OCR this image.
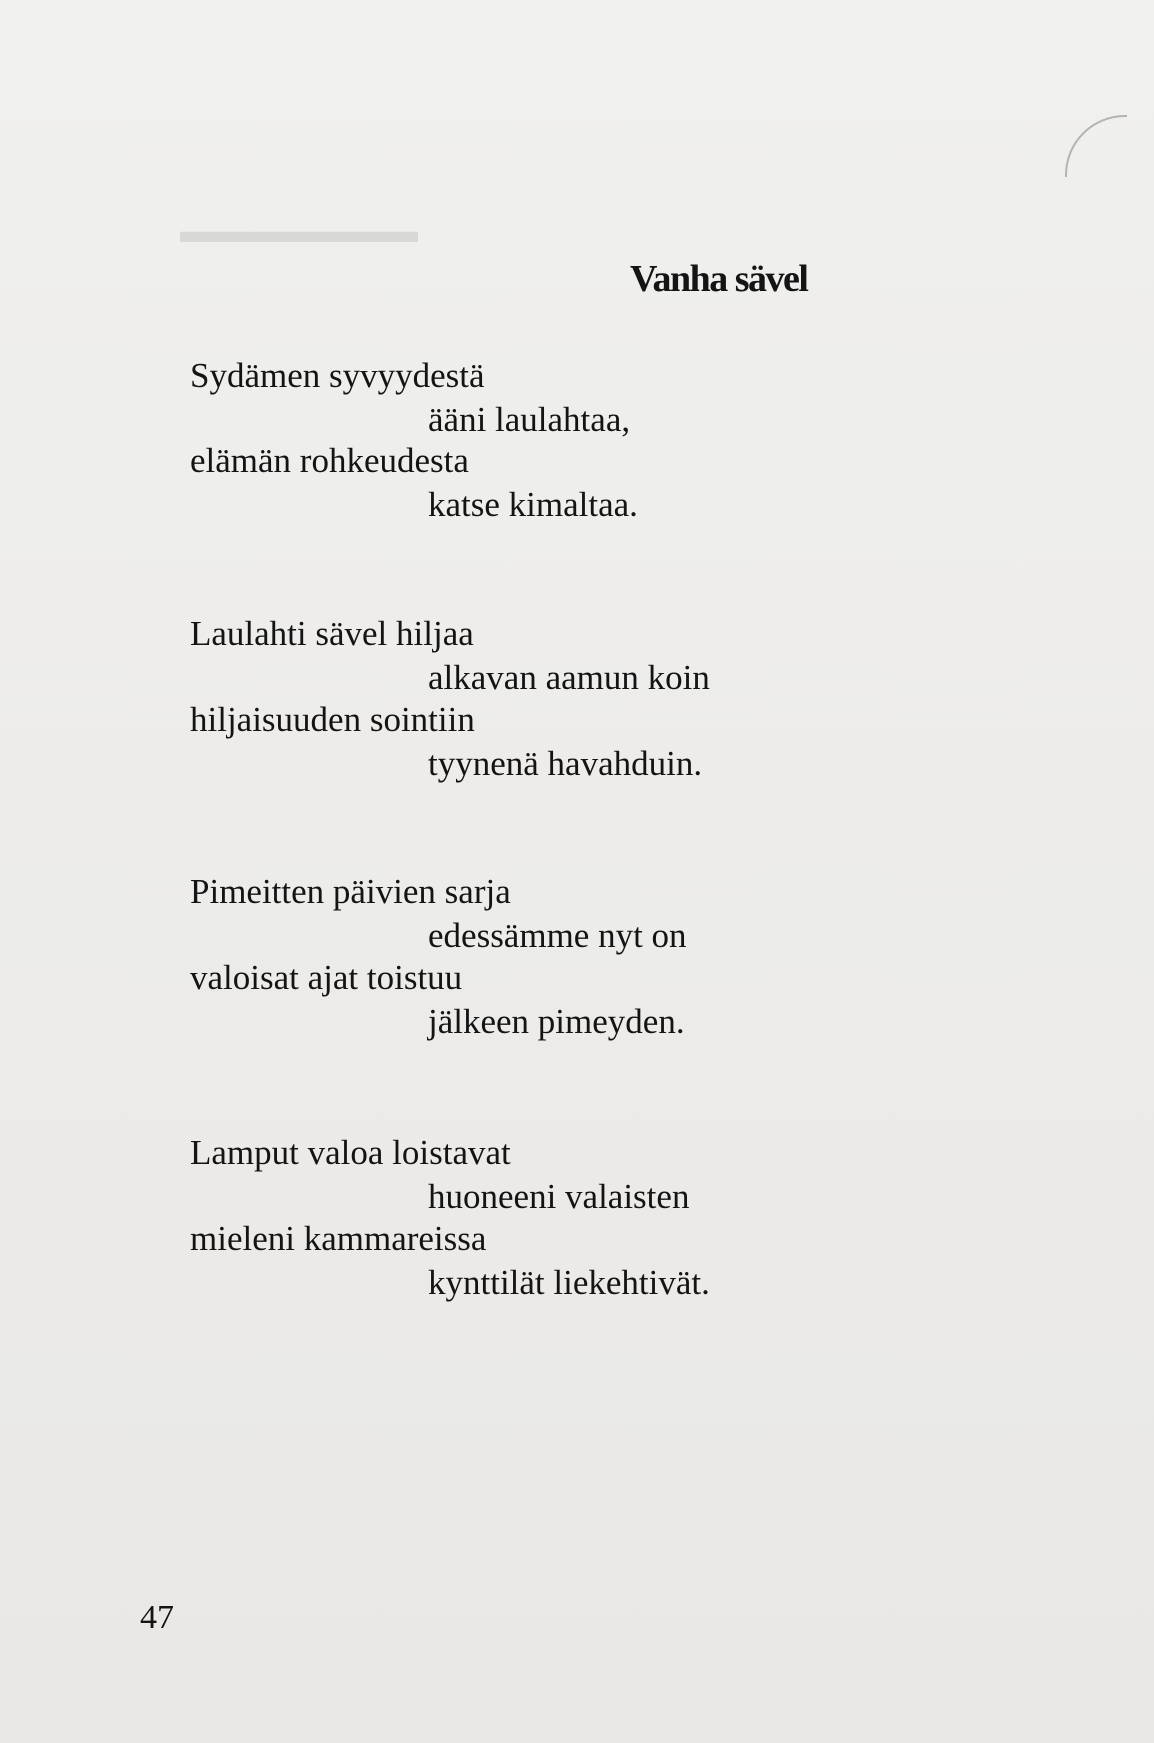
▬▬▬▬▬▬▬
Vanha sävel

Sydämen syvyydestä

ääni laulahtaa,

elämän rohkeudesta

katse kimaltaa.

Laulahti sävel hiljaa

alkavan aamun koin

hiljaisuuden sointiin

tyynenä havahduin.

Pimeitten päivien sarja

edessämme nyt on

valoisat ajat toistuu

jälkeen pimeyden.

Lamput valoa loistavat

huoneeni valaisten

mieleni kammareissa

kynttilät liekehtivät.

47
